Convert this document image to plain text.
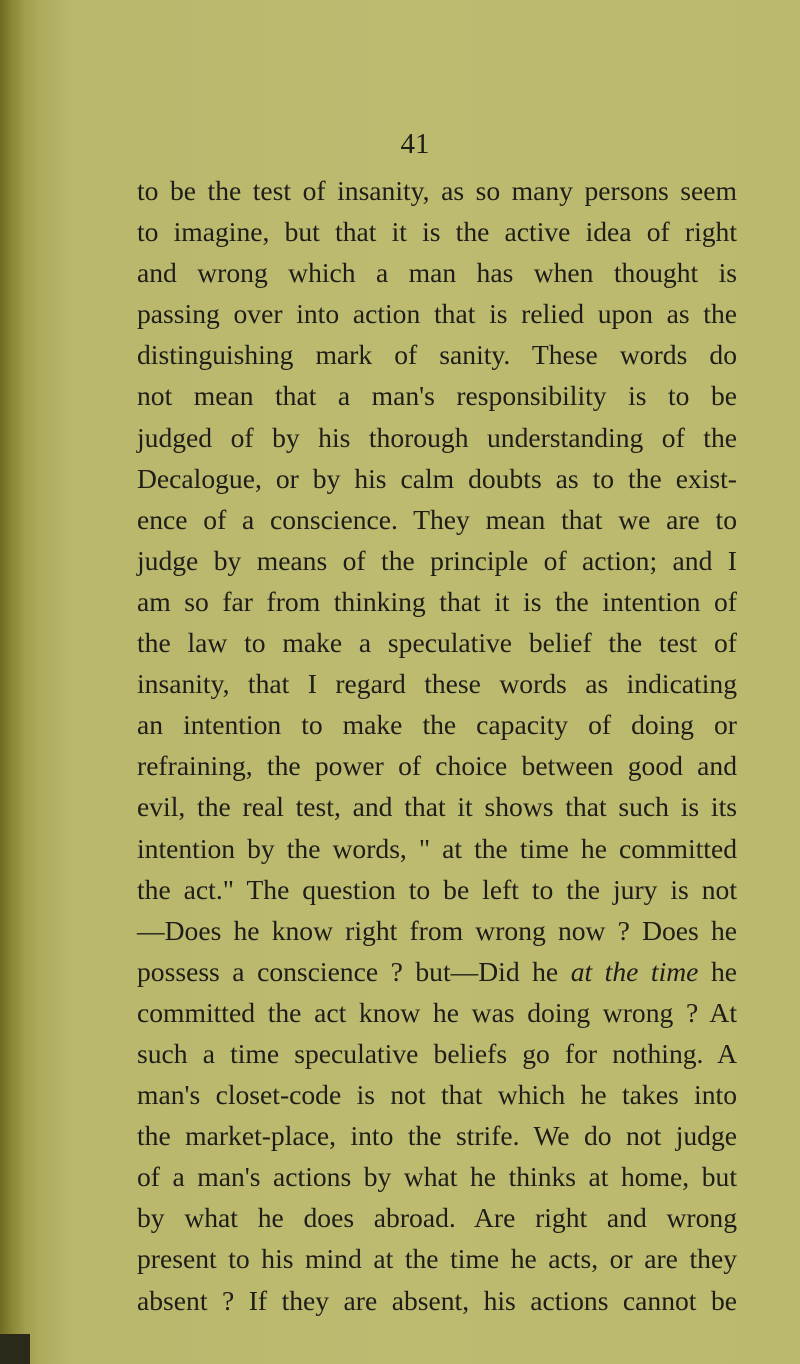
41
to be the test of insanity, as so many persons seem
to imagine, but that it is the active idea of right
and wrong which a man has when thought is
passing over into action that is relied upon as the
distinguishing mark of sanity. These words do
not mean that a man's responsibility is to be
judged of by his thorough understanding of the
Decalogue, or by his calm doubts as to the exist-
ence of a conscience. They mean that we are to
judge by means of the principle of action; and I
am so far from thinking that it is the intention of
the law to make a speculative belief the test of
insanity, that I regard these words as indicating
an intention to make the capacity of doing or
refraining, the power of choice between good and
evil, the real test, and that it shows that such is its
intention by the words, " at the time he committed
the act." The question to be left to the jury is not
—Does he know right from wrong now ? Does he
possess a conscience ? but—Did he at the time he
committed the act know he was doing wrong ? At
such a time speculative beliefs go for nothing. A
man's closet-code is not that which he takes into
the market-place, into the strife. We do not judge
of a man's actions by what he thinks at home, but
by what he does abroad. Are right and wrong
present to his mind at the time he acts, or are they
absent ? If they are absent, his actions cannot be
